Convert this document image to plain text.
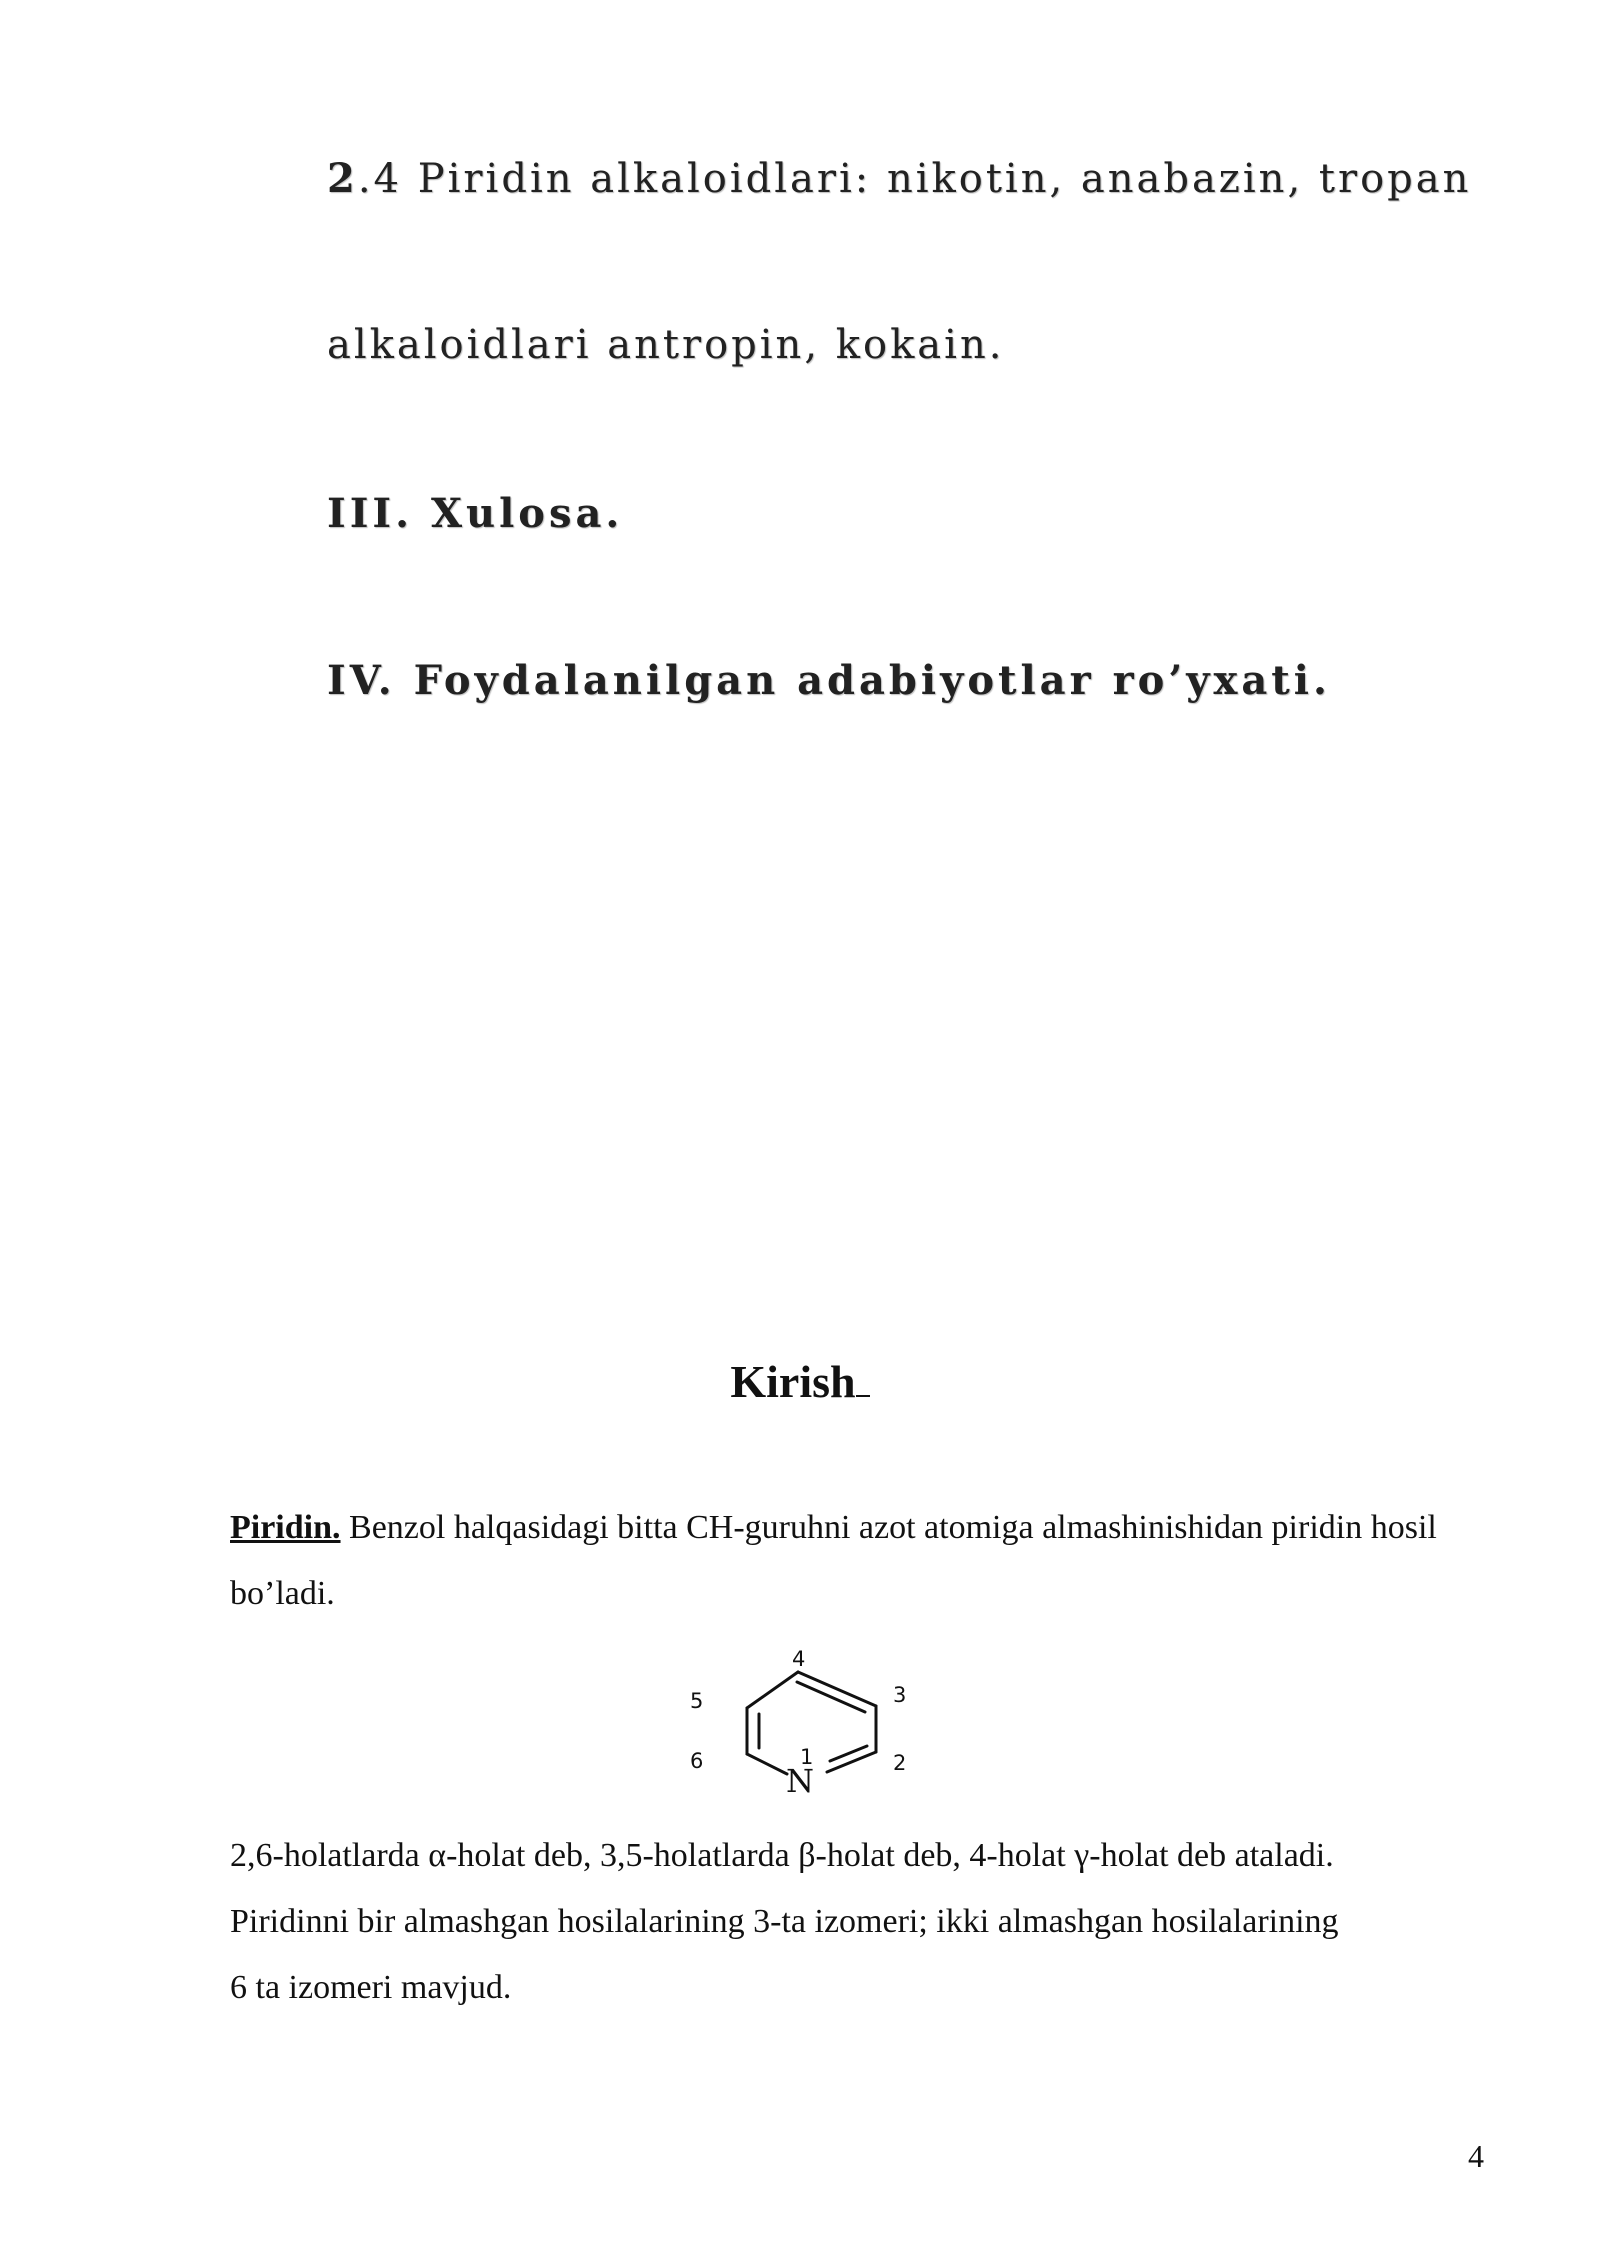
2.4 Piridin alkaloidlari: nikotin, anabazin, tropan
alkaloidlari antropin, kokain.
III. Xulosa.
IV. Foydalanilgan adabiyotlar ro’yxati.
Kirish
Piridin. Benzol halqasidagi bitta CH-guruhni azot atomiga almashinishidan piridin hosil bo’ladi.
4
3
5
1
6	2
N
2,6-holatlarda α-holat deb, 3,5-holatlarda β-holat deb, 4-holat γ-holat deb ataladi.
Piridinni bir almashgan hosilalarining 3-ta izomeri; ikki almashgan hosilalarining
6 ta izomeri mavjud.
4
